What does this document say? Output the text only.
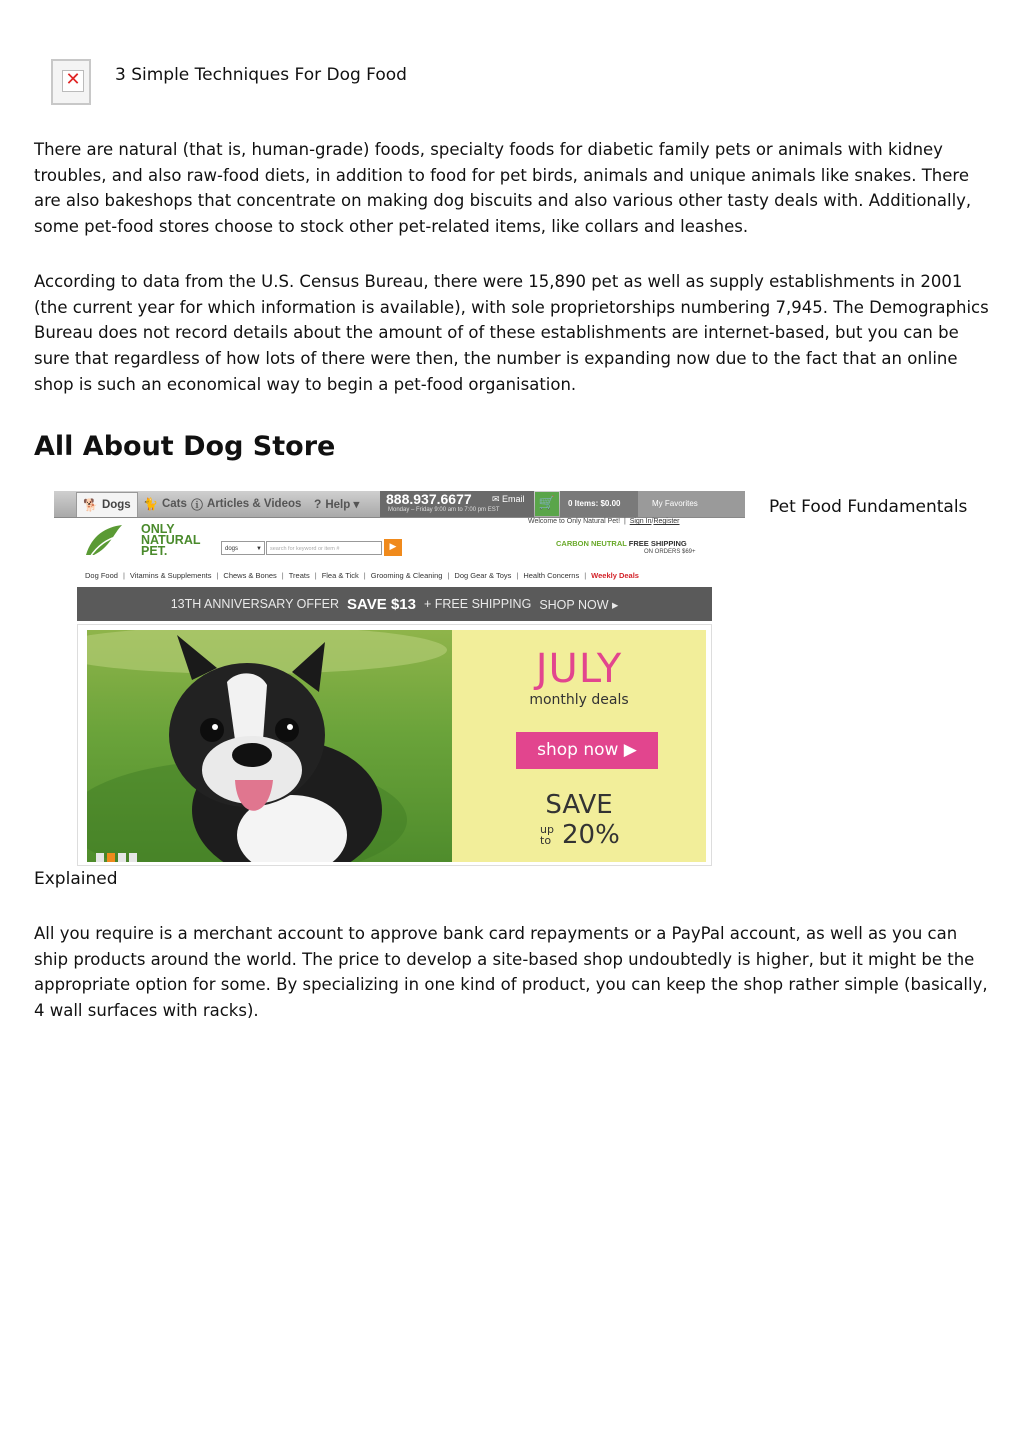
✕ 3 Simple Techniques For Dog Food

There are natural (that is, human-grade) foods, specialty foods for diabetic family pets or animals with kidney troubles, and also raw-food diets, in addition to food for pet birds, animals and unique animals like snakes. There are also bakeshops that concentrate on making dog biscuits and also various other tasty deals with. Additionally, some pet-food stores choose to stock other pet-related items, like collars and leashes.

According to data from the U.S. Census Bureau, there were 15,890 pet as well as supply establishments in 2001 (the current year for which information is available), with sole proprietorships numbering 7,945. The Demographics Bureau does not record details about the amount of of these establishments are internet-based, but you can be sure that regardless of how lots of there were then, the number is expanding now due to the fact that an online shop is such an economical way to begin a pet-food organisation.

All About Dog Store
🐕 Dogs 🐈 Cats ⓘ Articles & Videos ? Help ▾ 888.937.6677 ✉ Email
Monday – Friday 9:00 am to 7:00 pm EST	🛒	0 Items: $0.00	My Favorites
Welcome to Only Natural Pet!  |  Sign In/Register
ONLY NATURAL PET.	dogs	▼	search for keyword or item #	▶	CARBON NEUTRAL FREE SHIPPING
ON ORDERS $69+
Dog Food | Vitamins & Supplements | Chews & Bones | Treats | Flea & Tick | Grooming & Cleaning | Dog Gear & Toys | Health Concerns | Weekly Deals
13TH ANNIVERSARY OFFER SAVE $13 + FREE SHIPPING SHOP NOW ▸
JULY
monthly deals
shop now ▶
SAVE
up to 20%
Pet Food Fundamentals
Explained

All you require is a merchant account to approve bank card repayments or a PayPal account, as well as you can ship products around the world. The price to develop a site-based shop undoubtedly is higher, but it might be the appropriate option for some. By specializing in one kind of product, you can keep the shop rather simple (basically, 4 wall surfaces with racks).
